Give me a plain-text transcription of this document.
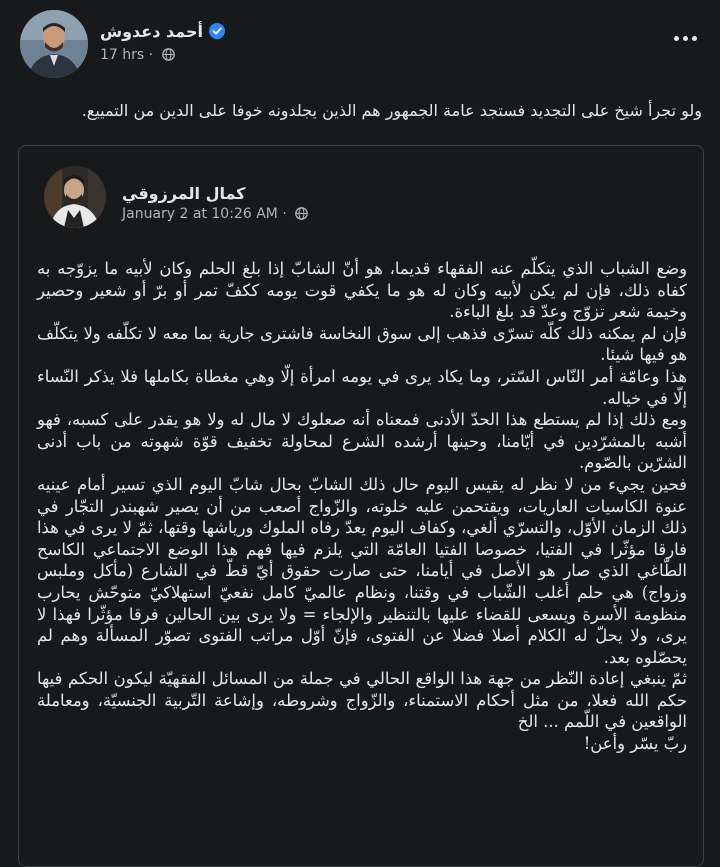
أحمد دعدوش
17 hrs ·
ولو تجرأ شيخ على التجديد فستجد عامة الجمهور هم الذين يجلدونه خوفا على الدين من التمييع.
كمال المرزوقي
January 2 at 10:26 AM ·

وضع الشباب الذي يتكلّم عنه الفقهاء قديما، هو أنّ الشابّ إذا بلغ الحلم وكان لأبيه ما يزوّجه به كفاه ذلك، فإن لم يكن لأبيه وكان له هو ما يكفي قوت يومه ككفّ تمر أو برّ أو شعير وحصير وخيمة شعر تزوّج وعدّ قد بلغ الباءة.

فإن لم يمكنه ذلك كلّه تسرّى فذهب إلى سوق النخاسة فاشترى جارية بما معه لا تكلّفه ولا يتكلّف هو فيها شيئا.

هذا وعامّة أمر النّاس السّتر، وما يكاد يرى في يومه امرأة إلّا وهي مغطاة بكاملها فلا يذكر النّساء إلّا في خياله.

ومع ذلك إذا لم يستطع هذا الحدّ الأدنى فمعناه أنه صعلوك لا مال له ولا هو يقدر على كسبه، فهو أشبه بالمشرّدين في أيّامنا، وحينها أرشده الشرع لمحاولة تخفيف قوّة شهوته من باب أدنى الشرّين بالصّوم.

فحين يجيء من لا نظر له يقيس اليوم حال ذلك الشابّ بحال شابّ اليوم الذي تسير أمام عينيه عنوة الكاسيات العاريات، ويقتحمن عليه خلوته، والزّواج أصعب من أن يصير شهبندر التجّار في ذلك الزمان الأوّل، والتسرّي ألغي، وكفاف اليوم يعدّ رفاه الملوك ورياشها وقتها، ثمّ لا يرى في هذا فارقا مؤثّرا في الفتيا، خصوصا الفتيا العامّة التي يلزم فيها فهم هذا الوضع الاجتماعي الكاسح الطّاغي الذي صار هو الأصل في أيامنا، حتى صارت حقوق أيّ قطّ في الشارع (مأكل وملبس وزواج) هي حلم أغلب الشّباب في وقتنا، ونظام عالميّ كامل نفعيّ استهلاكيّ متوحّش يحارب منظومة الأسرة ويسعى للقضاء عليها بالتنظير والإلجاء = ولا يرى بين الحالين فرقا مؤثّرا فهذا لا يرى، ولا يحلّ له الكلام أصلا فضلا عن الفتوى، فإنّ أوّل مراتب الفتوى تصوّر المسألة وهم لم يحصّلوه بعد.

ثمّ ينبغي إعادة النّظر من جهة هذا الواقع الحالي في جملة من المسائل الفقهيّة ليكون الحكم فيها حكم الله فعلا، من مثل أحكام الاستمناء، والزّواج وشروطه، وإشاعة التّربية الجنسيّة، ومعاملة الواقعين في اللّمم ... الخ

ربّ يسّر وأعن!
